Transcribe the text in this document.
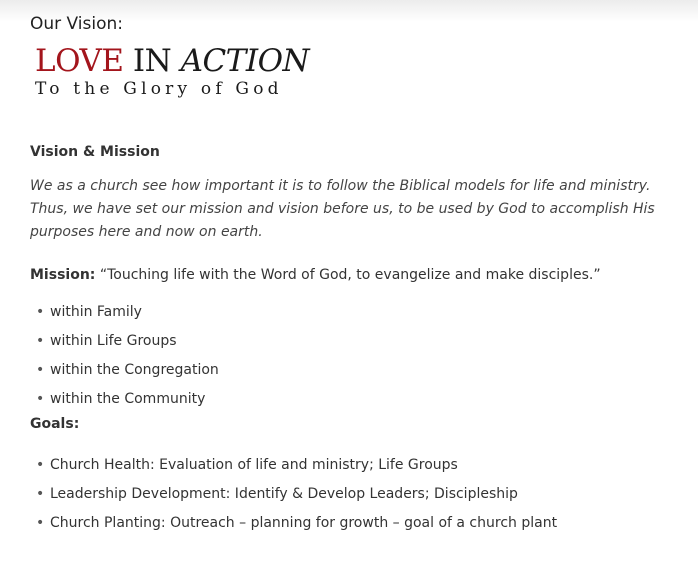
Our Vision:

LOVE IN ACTION
To the Glory of God
Vision & Mission
We as a church see how important it is to follow the Biblical models for life and ministry. Thus, we have set our mission and vision before us, to be used by God to accomplish His purposes here and now on earth.
Mission: “Touching life with the Word of God, to evangelize and make disciples.”
• within Family
• within Life Groups
• within the Congregation
• within the Community
Goals:
• Church Health: Evaluation of life and ministry; Life Groups
• Leadership Development: Identify & Develop Leaders; Discipleship
• Church Planting: Outreach – planning for growth – goal of a church plant
